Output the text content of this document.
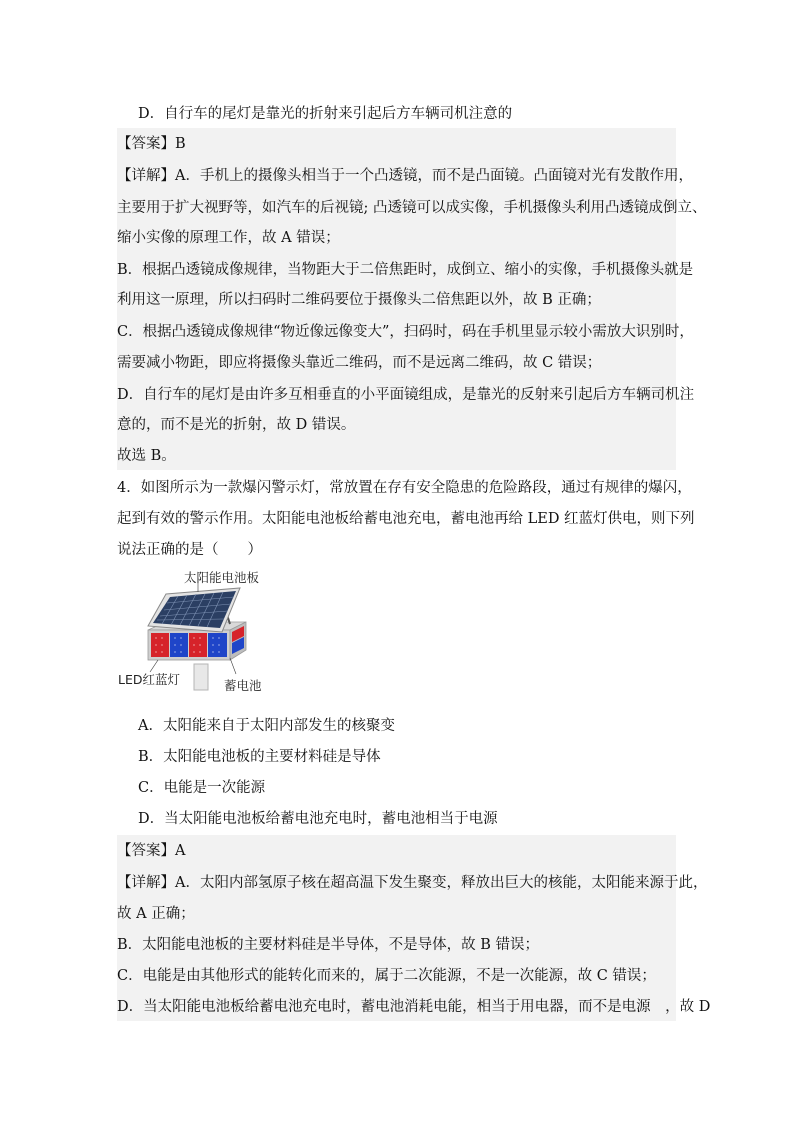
D．自行车的尾灯是靠光的折射来引起后方车辆司机注意的
【答案】B
【详解】A．手机上的摄像头相当于一个凸透镜，而不是凸面镜。凸面镜对光有发散作用，
主要用于扩大视野等，如汽车的后视镜; 凸透镜可以成实像，手机摄像头利用凸透镜成倒立、
缩小实像的原理工作，故 A 错误；
B．根据凸透镜成像规律，当物距大于二倍焦距时，成倒立、缩小的实像，手机摄像头就是
利用这一原理，所以扫码时二维码要位于摄像头二倍焦距以外，故 B 正确；
C．根据凸透镜成像规律“物近像远像变大”，扫码时，码在手机里显示较小需放大识别时，
需要减小物距，即应将摄像头靠近二维码，而不是远离二维码，故 C 错误；
D．自行车的尾灯是由许多互相垂直的小平面镜组成，是靠光的反射来引起后方车辆司机注
意的，而不是光的折射，故 D 错误。
故选 B。
4．如图所示为一款爆闪警示灯，常放置在存有安全隐患的危险路段，通过有规律的爆闪，
起到有效的警示作用。太阳能电池板给蓄电池充电，蓄电池再给 LED 红蓝灯供电，则下列
说法正确的是（　　）
太阳能电池板
LED红蓝灯	蓄电池
A．太阳能来自于太阳内部发生的核聚变
B．太阳能电池板的主要材料硅是导体
C．电能是一次能源
D．当太阳能电池板给蓄电池充电时，蓄电池相当于电源
【答案】A
【详解】A．太阳内部氢原子核在超高温下发生聚变，释放出巨大的核能，太阳能来源于此，
故 A 正确；
B．太阳能电池板的主要材料硅是半导体，不是导体，故 B 错误；
C．电能是由其他形式的能转化而来的，属于二次能源，不是一次能源，故 C 错误；
D．当太阳能电池板给蓄电池充电时，蓄电池消耗电能，相当于用电器，而不是电源　，故 D
